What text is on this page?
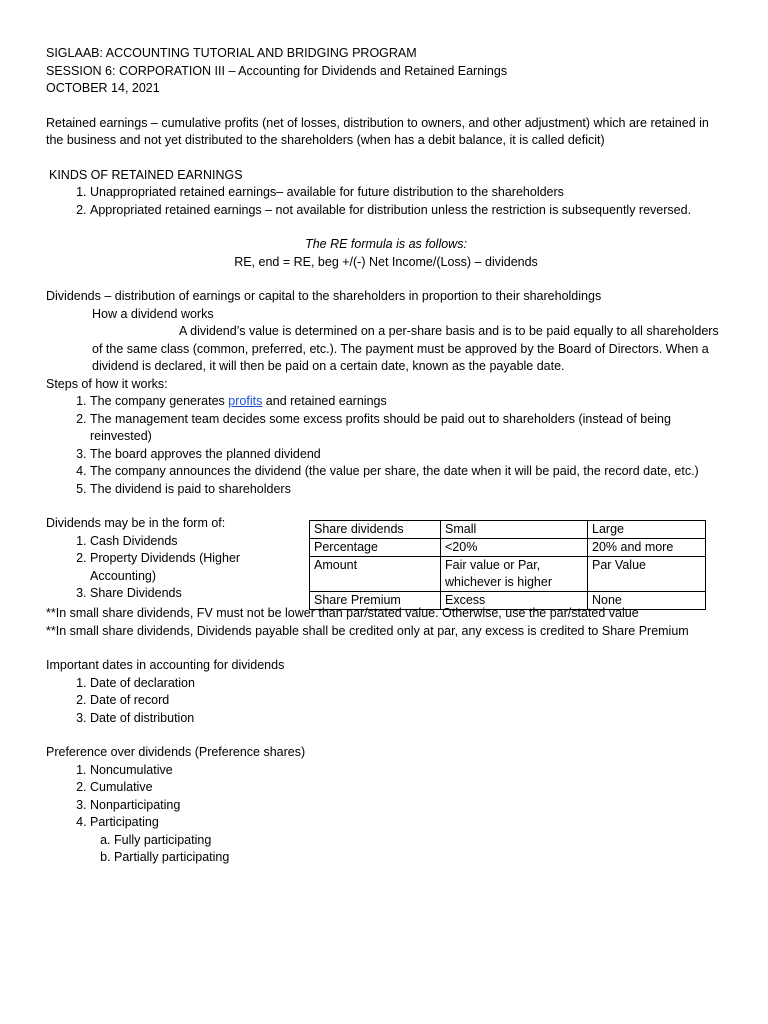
SIGLAAB: ACCOUNTING TUTORIAL AND BRIDGING PROGRAM

SESSION 6: CORPORATION III – Accounting for Dividends and Retained Earnings

OCTOBER 14, 2021

Retained earnings – cumulative profits (net of losses, distribution to owners, and other adjustment) which are retained in the business and not yet distributed to the shareholders (when has a debit balance, it is called deficit)

KINDS OF RETAINED EARNINGS

1. Unappropriated retained earnings– available for future distribution to the shareholders
2. Appropriated retained earnings – not available for distribution unless the restriction is subsequently reversed.

The RE formula is as follows:

RE, end = RE, beg +/(-) Net Income/(Loss) – dividends

Dividends – distribution of earnings or capital to the shareholders in proportion to their shareholdings

How a dividend works

A dividend’s value is determined on a per-share basis and is to be paid equally to all shareholders of the same class (common, preferred, etc.). The payment must be approved by the Board of Directors. When a dividend is declared, it will then be paid on a certain date, known as the payable date.

Steps of how it works:

1. The company generates profits and retained earnings
2. The management team decides some excess profits should be paid out to shareholders (instead of being reinvested)
3. The board approves the planned dividend
4. The company announces the dividend (the value per share, the date when it will be paid, the record date, etc.)
5. The dividend is paid to shareholders

Dividends may be in the form of:

1. Cash Dividends
2. Property Dividends (Higher Accounting)
3. Share Dividends
Share dividends	Small	Large
Percentage	<20%	20% and more
Amount	Fair value or Par, whichever is higher	Par Value
Share Premium	Excess	None

**In small share dividends, FV must not be lower than par/stated value. Otherwise, use the par/stated value

**In small share dividends, Dividends payable shall be credited only at par, any excess is credited to Share Premium

Important dates in accounting for dividends

1. Date of declaration
2. Date of record
3. Date of distribution

Preference over dividends (Preference shares)

1. Noncumulative
2. Cumulative
3. Nonparticipating
4. Participating
a. Fully participating
b. Partially participating
